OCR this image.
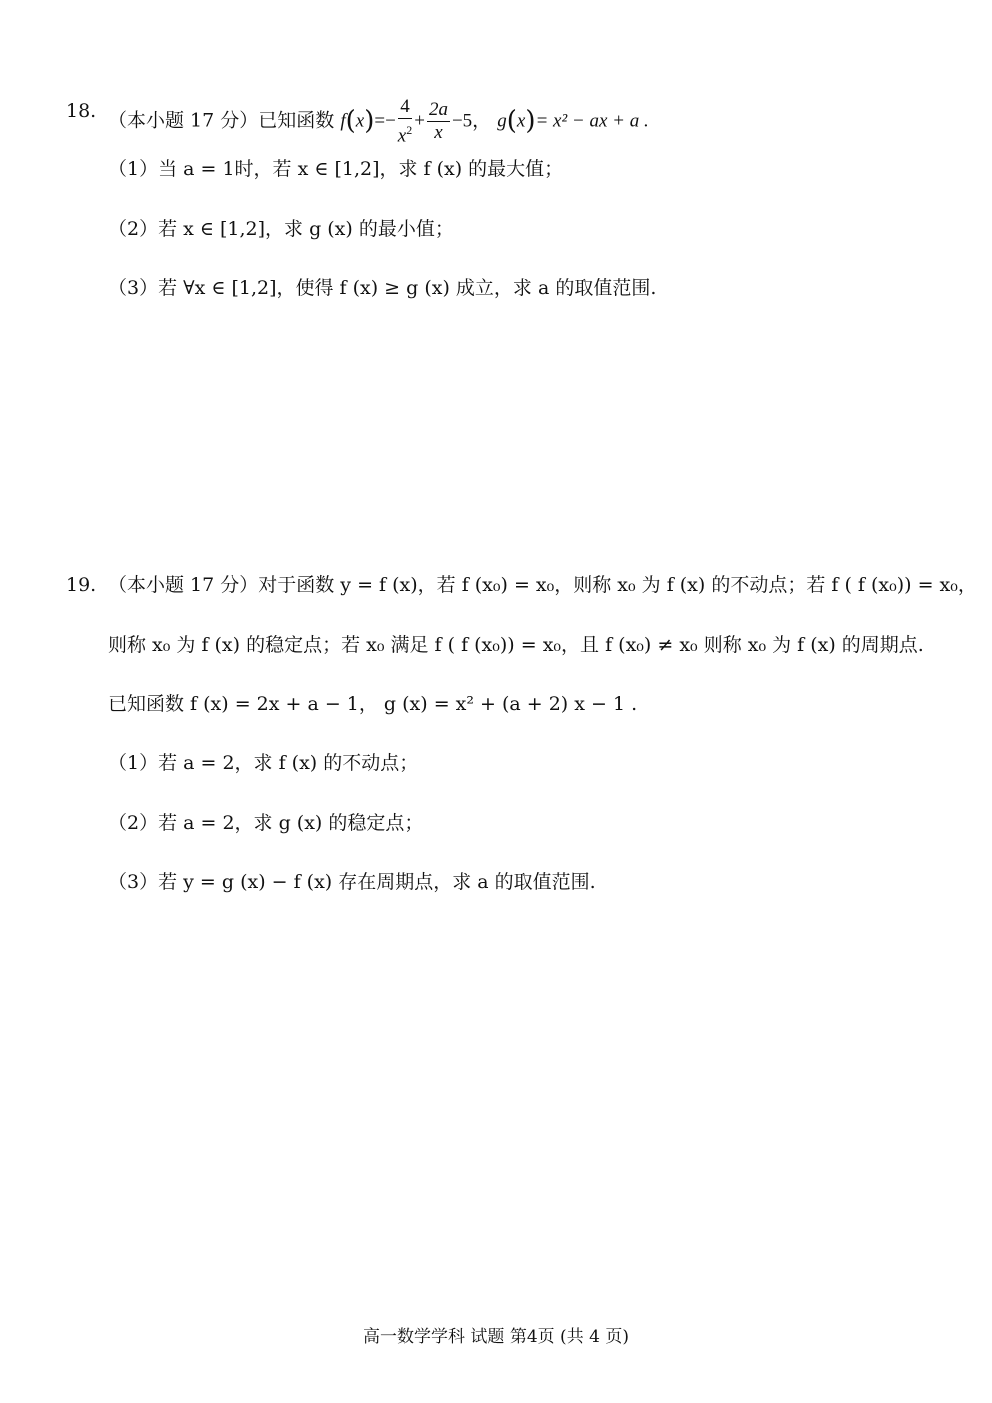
18. （本小题 17 分）已知函数 $f(x)=- \frac{4}{x^2} + \frac{2a}{x} -5$， g(x)= x² − ax + a .
（1）当 a = 1时，若 x ∈ [1,2]，求 f (x) 的最大值；
（2）若 x ∈ [1,2]，求 g (x) 的最小值；
（3）若 ∀x ∈ [1,2]，使得 f (x) ≥ g (x) 成立，求 a 的取值范围.
19. （本小题 17 分）对于函数 y = f (x)，若 f (x₀) = x₀，则称 x₀ 为 f (x) 的不动点；若 f ( f (x₀)) = x₀，
则称 x₀ 为 f (x) 的稳定点；若 x₀ 满足 f ( f (x₀)) = x₀，且 f (x₀) ≠ x₀ 则称 x₀ 为 f (x) 的周期点.
已知函数 f (x) = 2x + a − 1， g (x) = x² + (a + 2) x − 1 .
（1）若 a = 2，求 f (x) 的不动点；
（2）若 a = 2，求 g (x) 的稳定点；
（3）若 y = g (x) − f (x) 存在周期点，求 a 的取值范围.
高一数学学科 试题 第4页 (共 4 页)
